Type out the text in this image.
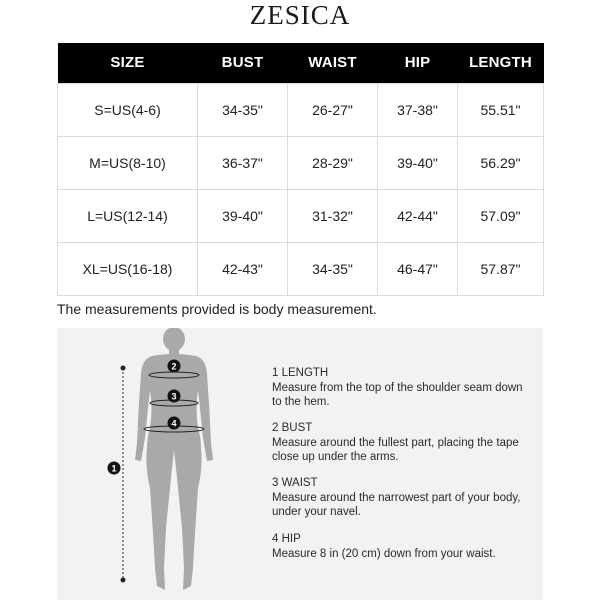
ZESICA
SIZE	BUST	WAIST	HIP	LENGTH
S=US(4-6)	34-35"	26-27"	37-38"	55.51"
M=US(8-10)	36-37"	28-29"	39-40"	56.29"
L=US(12-14)	39-40"	31-32"	42-44"	57.09"
XL=US(16-18)	42-43"	34-35"	46-47"	57.87"
The measurements provided is body measurement.
1
2
3
4
1 LENGTH
Measure from the top of the shoulder seam down to the hem.
2 BUST
Measure around the fullest part, placing the tape close up under the arms.
3 WAIST
Measure around the narrowest part of your body, under your navel.
4 HIP
Measure 8 in (20 cm) down from your waist.
